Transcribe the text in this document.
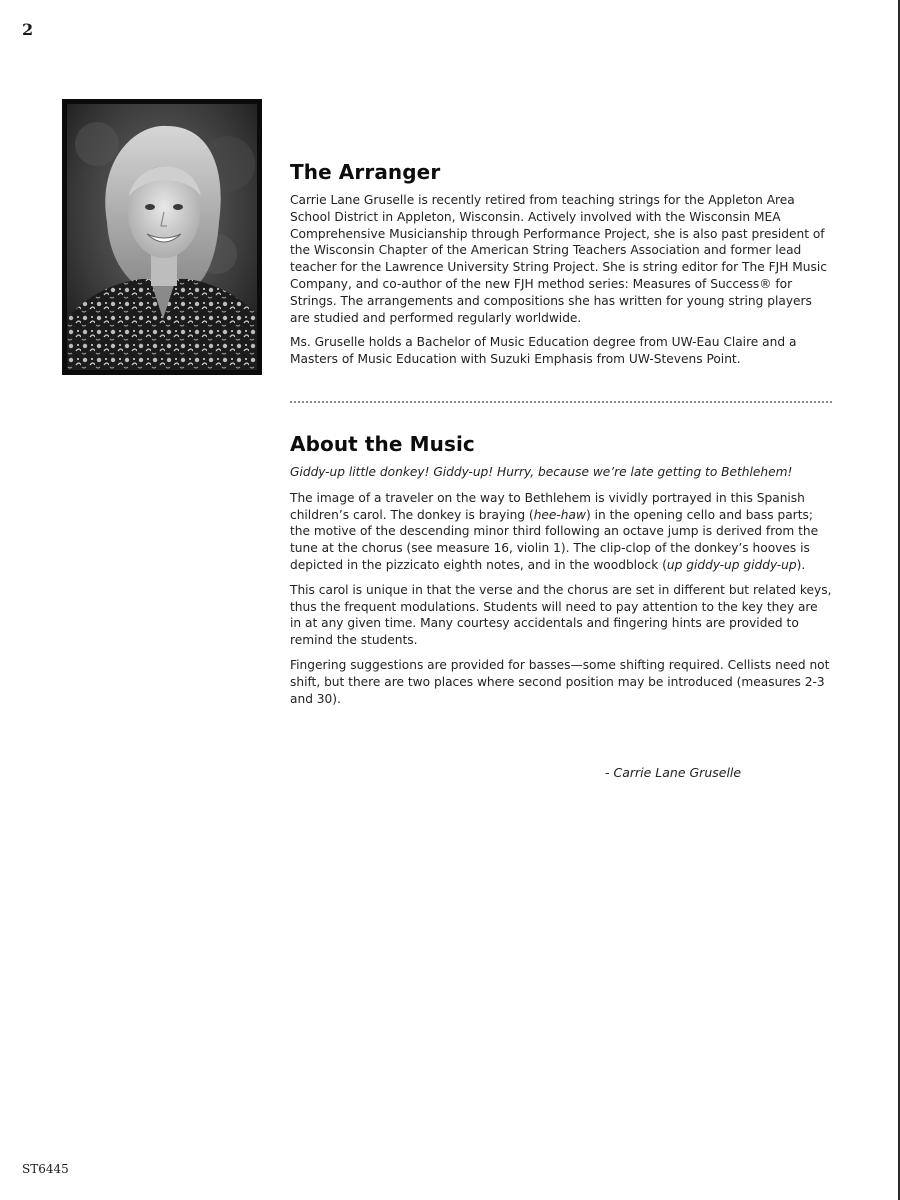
2
The Arranger

Carrie Lane Gruselle is recently retired from teaching strings for the Appleton Area School District in Appleton, Wisconsin. Actively involved with the Wisconsin MEA Comprehensive Musicianship through Performance Project, she is also past president of the Wisconsin Chapter of the American String Teachers Association and former lead teacher for the Lawrence University String Project. She is string editor for The FJH Music Company, and co-author of the new FJH method series: Measures of Success® for Strings. The arrangements and compositions she has written for young string players are studied and performed regularly worldwide.

Ms. Gruselle holds a Bachelor of Music Education degree from UW-Eau Claire and a Masters of Music Education with Suzuki Emphasis from UW-Stevens Point.

About the Music

Giddy-up little donkey! Giddy-up! Hurry, because we’re late getting to Bethlehem!

The image of a traveler on the way to Bethlehem is vividly portrayed in this Spanish children’s carol. The donkey is braying (hee-haw) in the opening cello and bass parts; the motive of the descending minor third following an octave jump is derived from the tune at the chorus (see measure 16, violin 1). The clip-clop of the donkey’s hooves is depicted in the pizzicato eighth notes, and in the woodblock (up giddy-up giddy-up).

This carol is unique in that the verse and the chorus are set in different but related keys, thus the frequent modulations. Students will need to pay attention to the key they are in at any given time. Many courtesy accidentals and fingering hints are provided to remind the students.

Fingering suggestions are provided for basses—some shifting required. Cellists need not shift, but there are two places where second position may be introduced (measures 2-3 and 30).

- Carrie Lane Gruselle
ST6445
